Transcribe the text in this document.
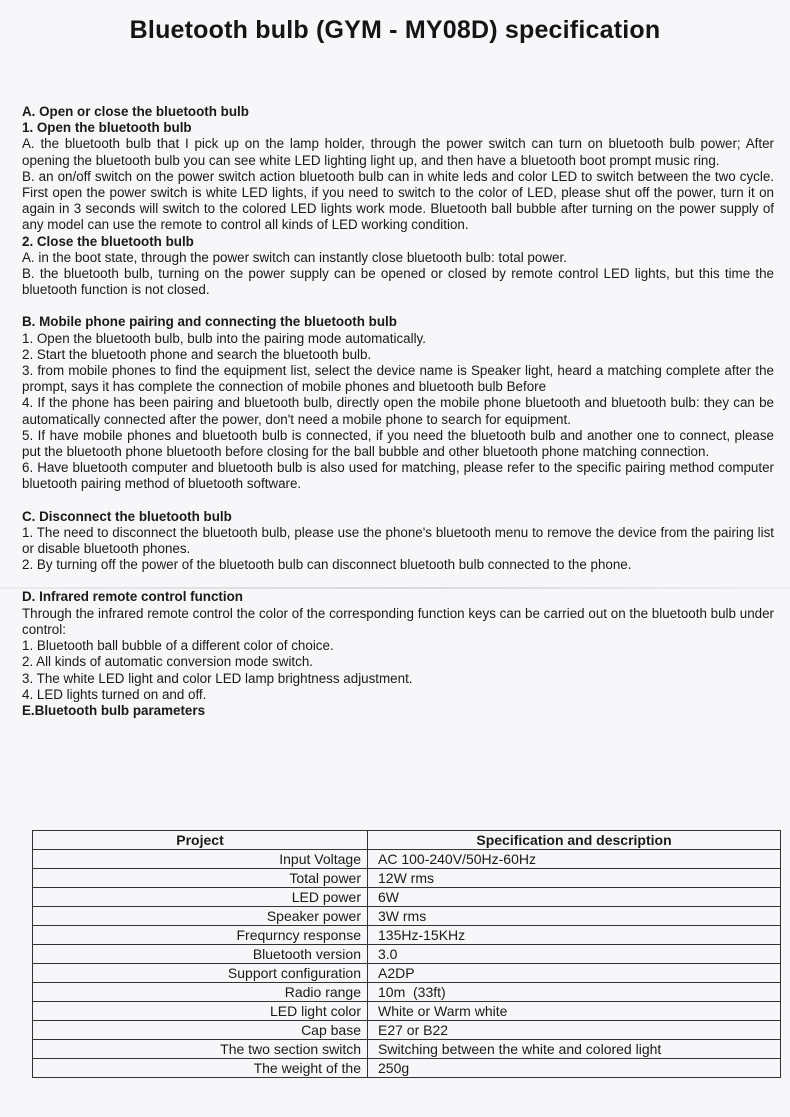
Bluetooth bulb (GYM - MY08D) specification

A. Open or close the bluetooth bulb

1. Open the bluetooth bulb

A. the bluetooth bulb that I pick up on the lamp holder, through the power switch can turn on bluetooth bulb power; After opening the bluetooth bulb you can see white LED lighting light up, and then have a bluetooth boot prompt music ring.

B. an on/off switch on the power switch action bluetooth bulb can in white leds and color LED to switch between the two cycle. First open the power switch is white LED lights, if you need to switch to the color of LED, please shut off the power, turn it on again in 3 seconds will switch to the colored LED lights work mode. Bluetooth ball bubble after turning on the power supply of any model can use the remote to control all kinds of LED working condition.

2. Close the bluetooth bulb

A. in the boot state, through the power switch can instantly close bluetooth bulb: total power.

B. the bluetooth bulb, turning on the power supply can be opened or closed by remote control LED lights, but this time the bluetooth function is not closed.

B. Mobile phone pairing and connecting the bluetooth bulb

1. Open the bluetooth bulb, bulb into the pairing mode automatically.

2. Start the bluetooth phone and search the bluetooth bulb.

3. from mobile phones to find the equipment list, select the device name is Speaker light, heard a matching complete after the prompt, says it has complete the connection of mobile phones and bluetooth bulb Before

4. If the phone has been pairing and bluetooth bulb, directly open the mobile phone bluetooth and bluetooth bulb: they can be automatically connected after the power, don't need a mobile phone to search for equipment.

5. If have mobile phones and bluetooth bulb is connected, if you need the bluetooth bulb and another one to connect, please put the bluetooth phone bluetooth before closing for the ball bubble and other bluetooth phone matching connection.

6. Have bluetooth computer and bluetooth bulb is also used for matching, please refer to the specific pairing method computer bluetooth pairing method of bluetooth software.

C. Disconnect the bluetooth bulb

1. The need to disconnect the bluetooth bulb, please use the phone's bluetooth menu to remove the device from the pairing list or disable bluetooth phones.

2. By turning off the power of the bluetooth bulb can disconnect bluetooth bulb connected to the phone.

D. Infrared remote control function

Through the infrared remote control the color of the corresponding function keys can be carried out on the bluetooth bulb under control:

1. Bluetooth ball bubble of a different color of choice.

2. All kinds of automatic conversion mode switch.

3. The white LED light and color LED lamp brightness adjustment.

4. LED lights turned on and off.

E.Bluetooth bulb parameters

Project	Specification and description
Input Voltage	AC 100-240V/50Hz-60Hz
Total power	12W rms
LED power	6W
Speaker power	3W rms
Frequrncy response	135Hz-15KHz
Bluetooth version	3.0
Support configuration	A2DP
Radio range	10m  (33ft)
LED light color	White or Warm white
Cap base	E27 or B22
The two section switch	Switching between the white and colored light
The weight of the	250g
